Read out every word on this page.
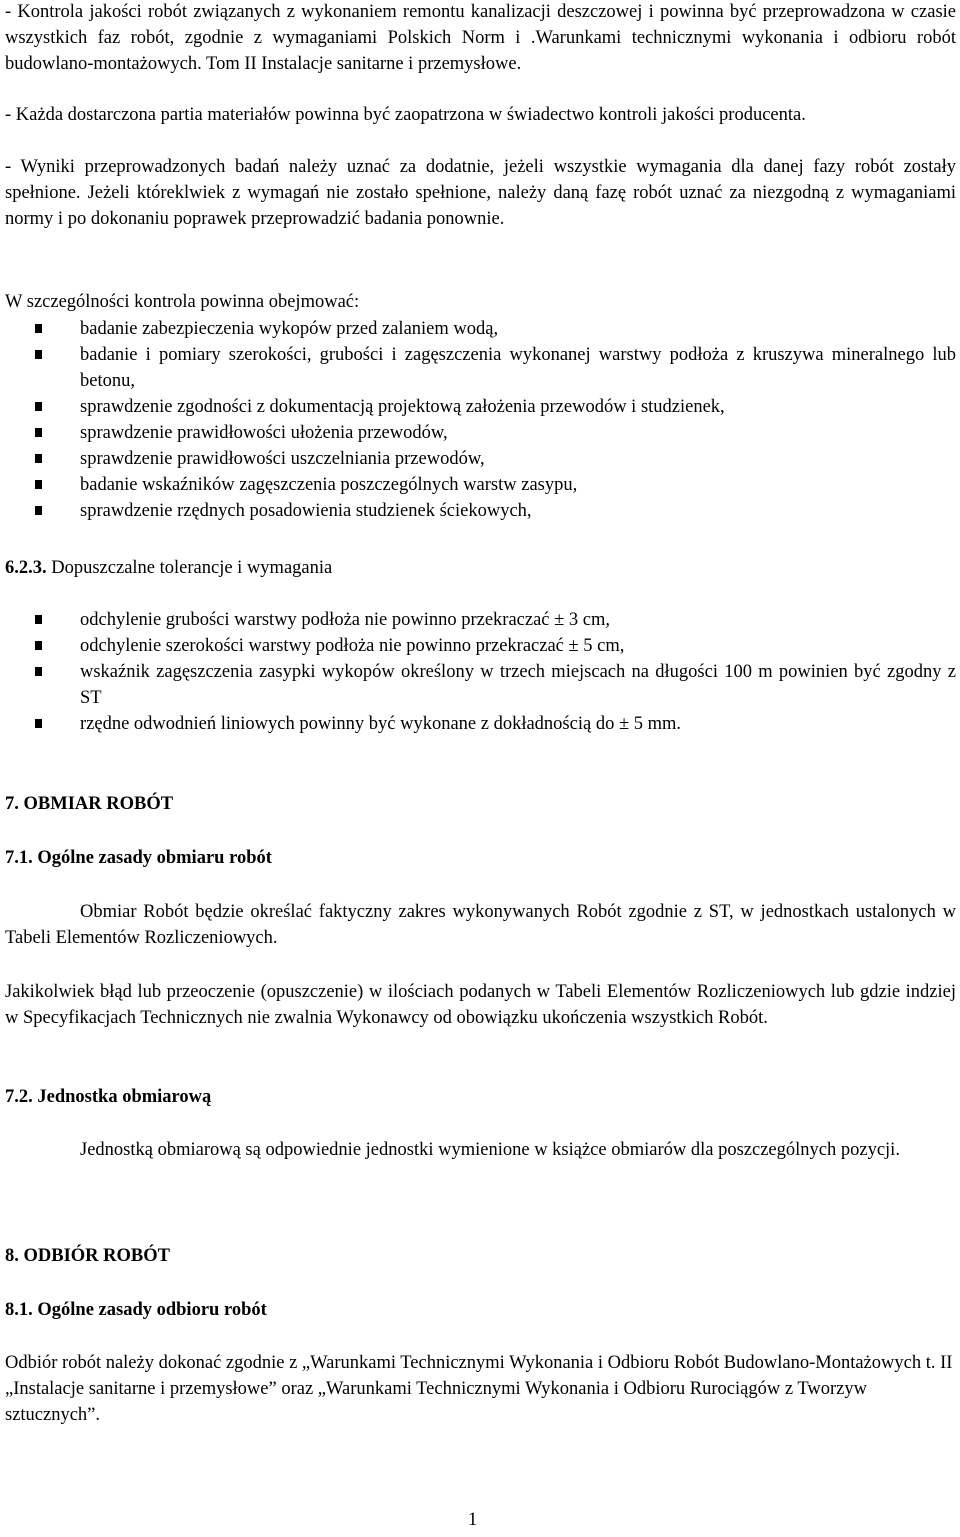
- Kontrola jakości robót związanych z wykonaniem remontu kanalizacji deszczowej i powinna być przeprowadzona w czasie wszystkich faz robót, zgodnie z wymaganiami Polskich Norm i .Warunkami technicznymi wykonania i odbioru robót budowlano-montażowych. Tom II Instalacje sanitarne i przemysłowe.

- Każda dostarczona partia materiałów powinna być zaopatrzona w świadectwo kontroli jakości producenta.

- Wyniki przeprowadzonych badań należy uznać za dodatnie, jeżeli wszystkie wymagania dla danej fazy robót zostały spełnione. Jeżeli któreklwiek z wymagań nie zostało spełnione, należy daną fazę robót uznać za niezgodną z wymaganiami normy i po dokonaniu poprawek przeprowadzić badania ponownie.

W szczególności kontrola powinna obejmować:

badanie zabezpieczenia wykopów przed zalaniem wodą,
badanie i pomiary szerokości, grubości i zagęszczenia wykonanej warstwy podłoża z kruszywa mineralnego lub betonu,
sprawdzenie zgodności z dokumentacją projektową założenia przewodów i studzienek,
sprawdzenie prawidłowości ułożenia przewodów,
sprawdzenie prawidłowości uszczelniania przewodów,
badanie wskaźników zagęszczenia poszczególnych warstw zasypu,
sprawdzenie rzędnych posadowienia studzienek ściekowych,
6.2.3. Dopuszczalne tolerancje i wymagania
odchylenie grubości warstwy podłoża nie powinno przekraczać ± 3 cm,
odchylenie szerokości warstwy podłoża nie powinno przekraczać ± 5 cm,
wskaźnik zagęszczenia zasypki wykopów określony w trzech miejscach na długości 100 m powinien być zgodny z ST
rzędne odwodnień liniowych powinny być wykonane z dokładnością do ± 5 mm.
7. OBMIAR ROBÓT
7.1. Ogólne zasady obmiaru robót

Obmiar Robót będzie określać faktyczny zakres wykonywanych Robót zgodnie z ST, w jednostkach ustalonych w Tabeli Elementów Rozliczeniowych.

Jakikolwiek błąd lub przeoczenie (opuszczenie) w ilościach podanych w Tabeli Elementów Rozliczeniowych lub gdzie indziej w Specyfikacjach Technicznych nie zwalnia Wykonawcy od obowiązku ukończenia wszystkich Robót.

7.2. Jednostka obmiarową

Jednostką obmiarową są odpowiednie jednostki wymienione w książce obmiarów dla poszczególnych pozycji.

8. ODBIÓR ROBÓT
8.1. Ogólne zasady odbioru robót

Odbiór robót należy dokonać zgodnie z „Warunkami Technicznymi Wykonania i Odbioru Robót Budowlano-Montażowych t. II „Instalacje sanitarne i przemysłowe” oraz „Warunkami Technicznymi Wykonania i Odbioru Rurociągów z Tworzyw sztucznych”.

1
